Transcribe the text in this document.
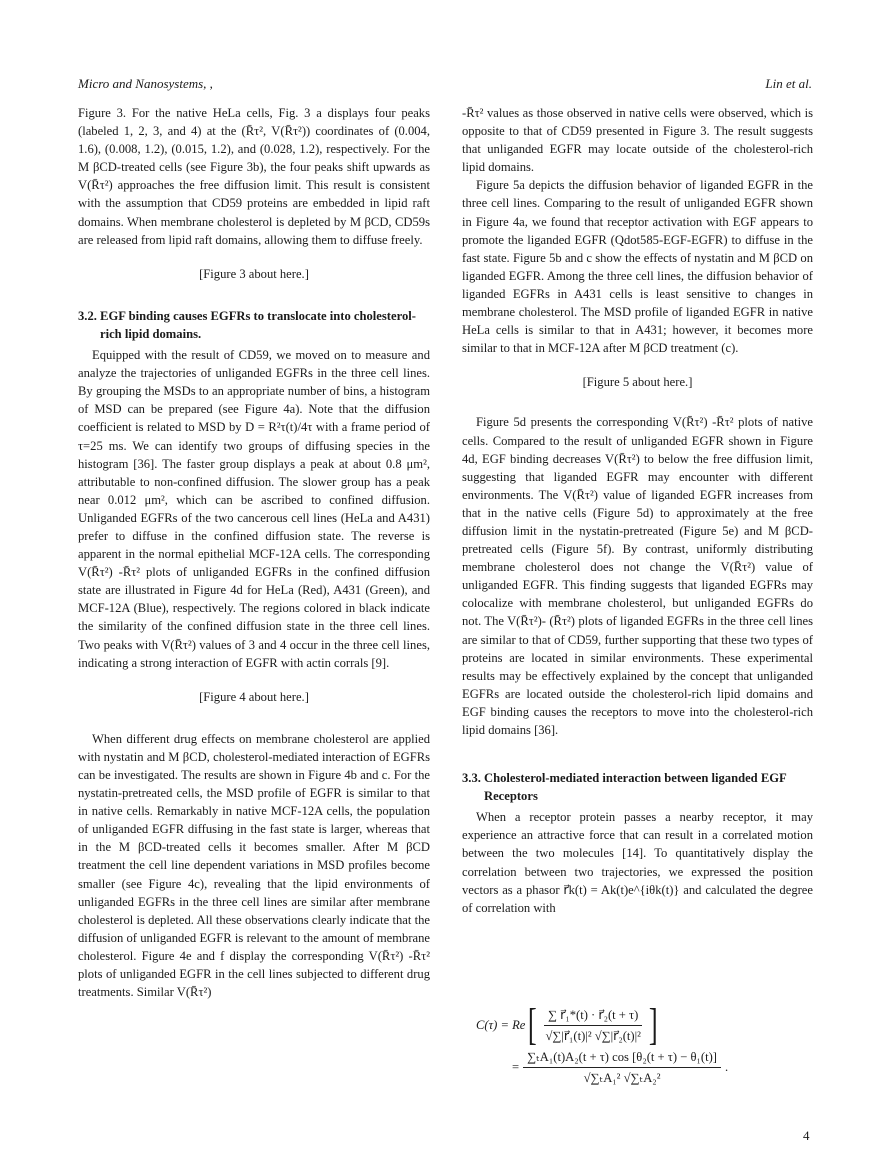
Micro and Nanosystems, ,	Lin et al.

Figure 3. For the native HeLa cells, Fig. 3 a displays four peaks (labeled 1, 2, 3, and 4) at the (R̄τ², V(R̄τ²)) coordinates of (0.004, 1.6), (0.008, 1.2), (0.015, 1.2), and (0.028, 1.2), respectively. For the M βCD-treated cells (see Figure 3b), the four peaks shift upwards as V(R̄τ²) approaches the free diffusion limit. This result is consistent with the assumption that CD59 proteins are embedded in lipid raft domains. When membrane cholesterol is depleted by M βCD, CD59s are released from lipid raft domains, allowing them to diffuse freely.

[Figure 3 about here.]

3.2. EGF binding causes EGFRs to translocate into cholesterol-rich lipid domains.

Equipped with the result of CD59, we moved on to measure and analyze the trajectories of unliganded EGFRs in the three cell lines. By grouping the MSDs to an appropriate number of bins, a histogram of MSD can be prepared (see Figure 4a). Note that the diffusion coefficient is related to MSD by D = R²τ(t)/4τ with a frame period of τ=25 ms. We can identify two groups of diffusing species in the histogram [36]. The faster group displays a peak at about 0.8 μm², attributable to non-confined diffusion. The slower group has a peak near 0.012 μm², which can be ascribed to confined diffusion. Unliganded EGFRs of the two cancerous cell lines (HeLa and A431) prefer to diffuse in the confined diffusion state. The reverse is apparent in the normal epithelial MCF-12A cells. The corresponding V(R̄τ²) -R̄τ² plots of unliganded EGFRs in the confined diffusion state are illustrated in Figure 4d for HeLa (Red), A431 (Green), and MCF-12A (Blue), respectively. The regions colored in black indicate the similarity of the confined diffusion state in the three cell lines. Two peaks with V(R̄τ²) values of 3 and 4 occur in the three cell lines, indicating a strong interaction of EGFR with actin corrals [9].

[Figure 4 about here.]

When different drug effects on membrane cholesterol are applied with nystatin and M βCD, cholesterol-mediated interaction of EGFRs can be investigated. The results are shown in Figure 4b and c. For the nystatin-pretreated cells, the MSD profile of EGFR is similar to that in native cells. Remarkably in native MCF-12A cells, the population of unliganded EGFR diffusing in the fast state is larger, whereas that in the M βCD-treated cells it becomes smaller. After M βCD treatment the cell line dependent variations in MSD profiles become smaller (see Figure 4c), revealing that the lipid environments of unliganded EGFRs in the three cell lines are similar after membrane cholesterol is depleted. All these observations clearly indicate that the diffusion of unliganded EGFR is relevant to the amount of membrane cholesterol. Figure 4e and f display the corresponding V(R̄τ²) -R̄τ² plots of unliganded EGFR in the cell lines subjected to different drug treatments. Similar V(R̄τ²)

-R̄τ² values as those observed in native cells were observed, which is opposite to that of CD59 presented in Figure 3. The result suggests that unliganded EGFR may locate outside of the cholesterol-rich lipid domains.

Figure 5a depicts the diffusion behavior of liganded EGFR in the three cell lines. Comparing to the result of unliganded EGFR shown in Figure 4a, we found that receptor activation with EGF appears to promote the liganded EGFR (Qdot585-EGF-EGFR) to diffuse in the fast state. Figure 5b and c show the effects of nystatin and M βCD on liganded EGFR. Among the three cell lines, the diffusion behavior of liganded EGFRs in A431 cells is least sensitive to changes in membrane cholesterol. The MSD profile of liganded EGFR in native HeLa cells is similar to that in A431; however, it becomes more similar to that in MCF-12A after M βCD treatment (c).

[Figure 5 about here.]

Figure 5d presents the corresponding V(R̄τ²) -R̄τ² plots of native cells. Compared to the result of unliganded EGFR shown in Figure 4d, EGF binding decreases V(R̄τ²) to below the free diffusion limit, suggesting that liganded EGFR may encounter with different environments. The V(R̄τ²) value of liganded EGFR increases from that in the native cells (Figure 5d) to approximately at the free diffusion limit in the nystatin-pretreated (Figure 5e) and M βCD-pretreated cells (Figure 5f). By contrast, uniformly distributing membrane cholesterol does not change the V(R̄τ²) value of unliganded EGFR. This finding suggests that liganded EGFRs may colocalize with membrane cholesterol, but unliganded EGFRs do not. The V(R̄τ²)- (R̄τ²) plots of liganded EGFRs in the three cell lines are similar to that of CD59, further supporting that these two types of proteins are located in similar environments. These experimental results may be effectively explained by the concept that unliganded EGFRs are located outside the cholesterol-rich lipid domains and EGF binding causes the receptors to move into the cholesterol-rich lipid domains [36].

3.3. Cholesterol-mediated interaction between liganded EGF Receptors

When a receptor protein passes a nearby receptor, it may experience an attractive force that can result in a correlated motion between the two molecules [14]. To quantitatively display the correlation between two trajectories, we expressed the position vectors as a phasor r⃗k(t) = Ak(t)e^{iθk(t)} and calculated the degree of correlation with

C(τ) = Re [ $\frac{\text{∑ r⃗₁*(t) · r⃗₂(t + τ)}}{\text{√∑|r⃗₁(t)|² √∑|r⃗₂(t)|²}}$ ]
= $\frac{\text{∑ₜA₁(t)A₂(t + τ) cos [θ₂(t + τ) − θ₁(t)]}}{\text{√∑ₜA₁² √∑ₜA₂²}}$ .
4
